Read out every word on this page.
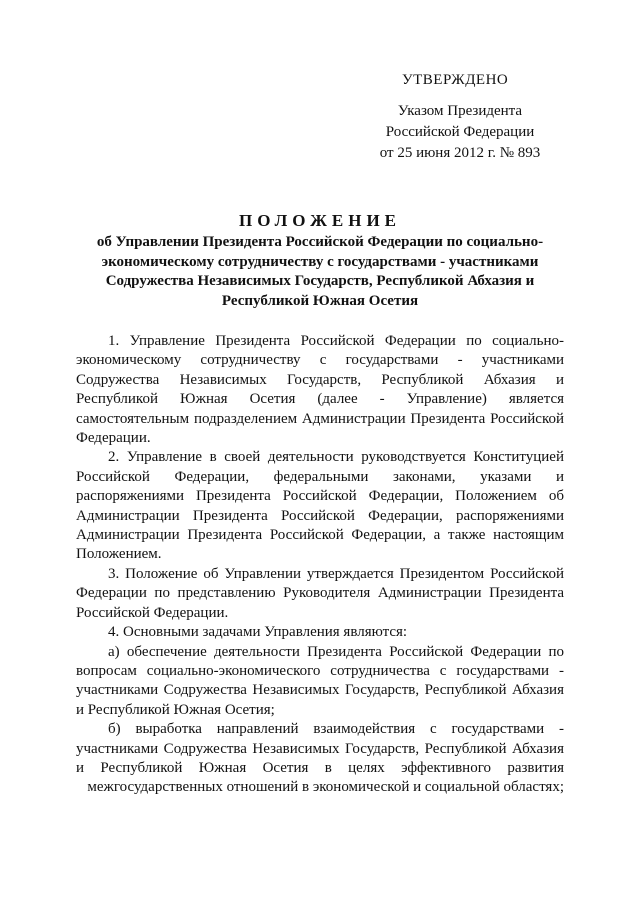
УТВЕРЖДЕНО
Указом Президента
Российской Федерации
от 25 июня 2012 г. № 893
ПОЛОЖЕНИЕ
об Управлении Президента Российской Федерации по социально-экономическому сотрудничеству с государствами - участниками Содружества Независимых Государств, Республикой Абхазия и Республикой Южная Осетия

1. Управление Президента Российской Федерации по социально-экономическому сотрудничеству с государствами - участниками Содружества Независимых Государств, Республикой Абхазия и Республикой Южная Осетия (далее - Управление) является самостоятельным подразделением Администрации Президента Российской Федерации.

2. Управление в своей деятельности руководствуется Конституцией Российской Федерации, федеральными законами, указами и распоряжениями Президента Российской Федерации, Положением об Администрации Президента Российской Федерации, распоряжениями Администрации Президента Российской Федерации, а также настоящим Положением.

3. Положение об Управлении утверждается Президентом Российской Федерации по представлению Руководителя Администрации Президента Российской Федерации.

4. Основными задачами Управления являются:

а) обеспечение деятельности Президента Российской Федерации по вопросам социально-экономического сотрудничества с государствами - участниками Содружества Независимых Государств, Республикой Абхазия и Республикой Южная Осетия;

б) выработка направлений взаимодействия с государствами - участниками Содружества Независимых Государств, Республикой Абхазия и Республикой Южная Осетия в целях эффективного развития межгосударственных отношений в экономической и социальной областях;
